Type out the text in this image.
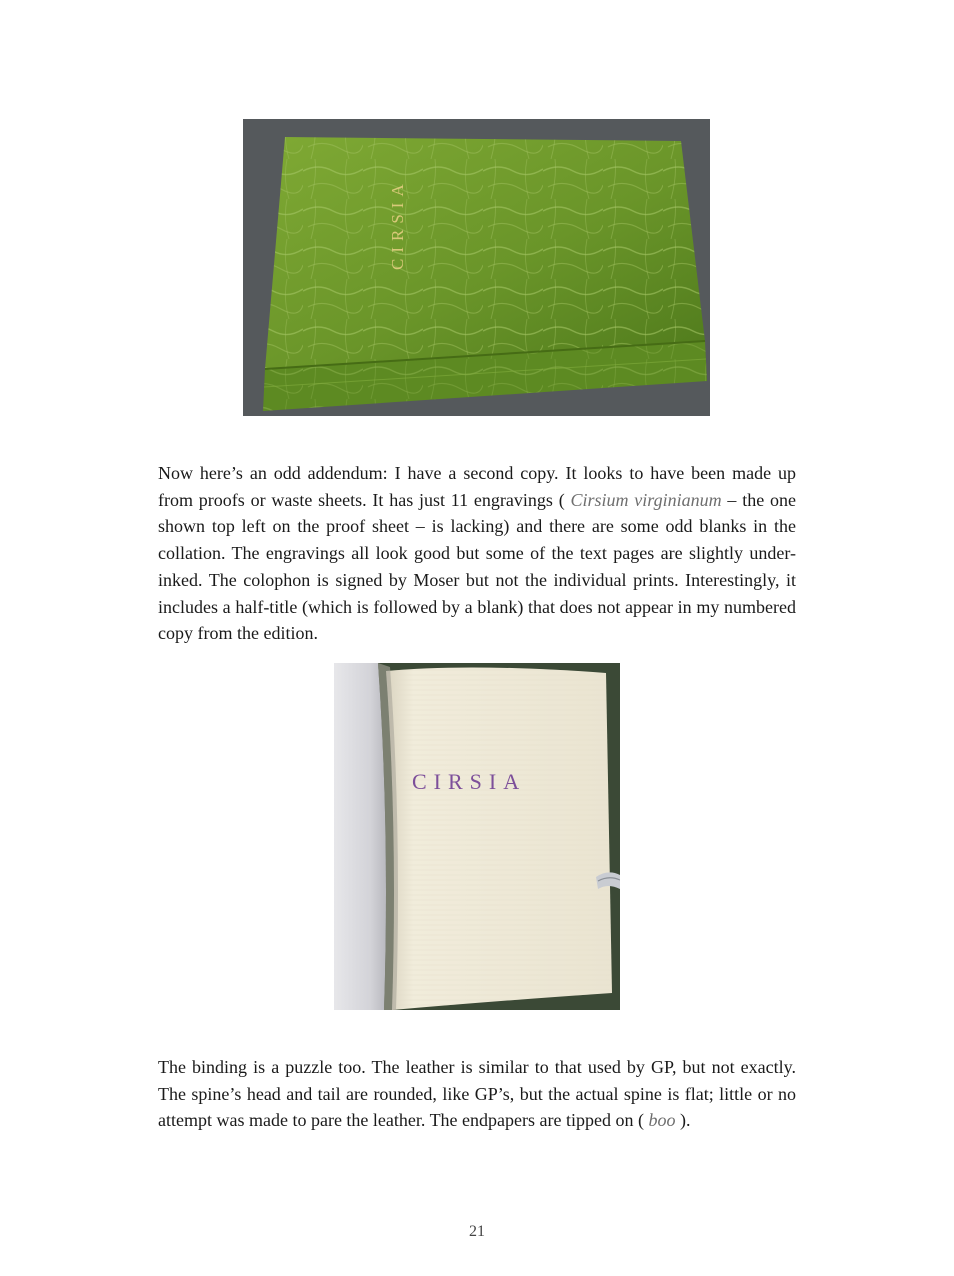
CIRSIA

Now here’s an odd addendum: I have a second copy. It looks to have been made up from proofs or waste sheets. It has just 11 engravings ( Cirsium virginianum – the one shown top left on the proof sheet – is lacking) and there are some odd blanks in the collation. The engravings all look good but some of the text pages are slightly under-inked. The colophon is signed by Moser but not the individual prints. Interestingly, it includes a half-title (which is followed by a blank) that does not appear in my numbered copy from the edition.

CIRSIA

The binding is a puzzle too. The leather is similar to that used by GP, but not exactly. The spine’s head and tail are rounded, like GP’s, but the actual spine is flat; little or no attempt was made to pare the leather. The endpapers are tipped on ( boo ).

21
